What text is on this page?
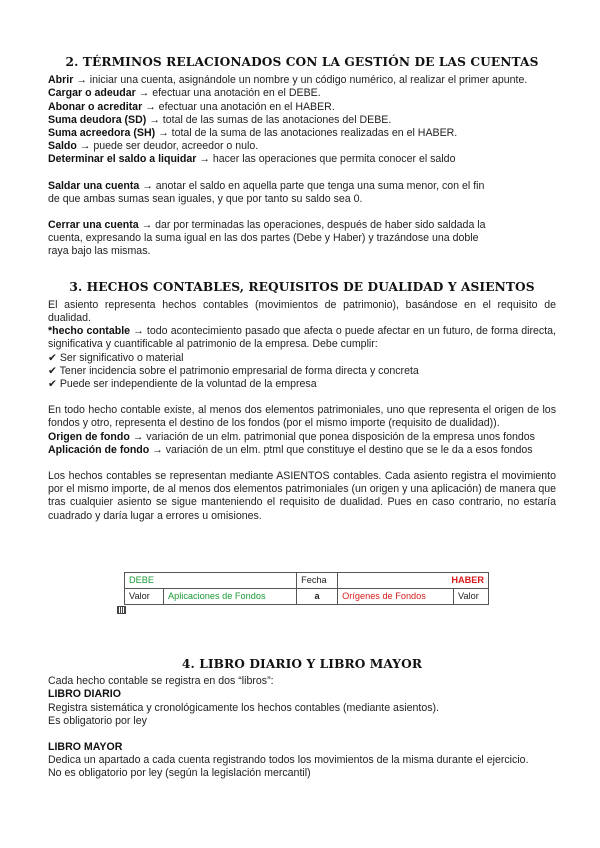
2. TÉRMINOS RELACIONADOS CON LA GESTIÓN DE LAS CUENTAS
Abrir → iniciar una cuenta, asignándole un nombre y un código numérico, al realizar el primer apunte.
Cargar o adeudar → efectuar una anotación en el DEBE.
Abonar o acreditar → efectuar una anotación en el HABER.
Suma deudora (SD) → total de las sumas de las anotaciones del DEBE.
Suma acreedora (SH) → total de la suma de las anotaciones realizadas en el HABER.
Saldo → puede ser deudor, acreedor o nulo.
Determinar el saldo a liquidar → hacer las operaciones que permita conocer el saldo
Saldar una cuenta → anotar el saldo en aquella parte que tenga una suma menor, con el fin
de que ambas sumas sean iguales, y que por tanto su saldo sea 0.
Cerrar una cuenta → dar por terminadas las operaciones, después de haber sido saldada la
cuenta, expresando la suma igual en las dos partes (Debe y Haber) y trazándose una doble
raya bajo las mismas.
3. HECHOS CONTABLES, REQUISITOS DE DUALIDAD Y ASIENTOS
El asiento representa hechos contables (movimientos de patrimonio), basándose en el requisito de dualidad.
*hecho contable → todo acontecimiento pasado que afecta o puede afectar en un futuro, de forma directa, significativa y cuantificable al patrimonio de la empresa. Debe cumplir:
✔ Ser significativo o material
✔ Tener incidencia sobre el patrimonio empresarial de forma directa y concreta
✔ Puede ser independiente de la voluntad de la empresa
En todo hecho contable existe, al menos dos elementos patrimoniales, uno que representa el origen de los fondos y otro, representa el destino de los fondos (por el mismo importe (requisito de dualidad)).
Origen de fondo → variación de un elm. patrimonial que ponea disposición de la empresa unos fondos
Aplicación de fondo → variación de un elm. ptml que constituye el destino que se le da a esos fondos
Los hechos contables se representan mediante ASIENTOS contables. Cada asiento registra el movimiento por el mismo importe, de al menos dos elementos patrimoniales (un origen y una aplicación) de manera que tras cualquier asiento se sigue manteniendo el requisito de dualidad. Pues en caso contrario, no estaría cuadrado y daría lugar a errores u omisiones.
DEBE		Fecha	HABER	
Valor	Aplicaciones de Fondos	a	Orígenes de Fondos	Valor
4. LIBRO DIARIO Y LIBRO MAYOR
Cada hecho contable se registra en dos “libros”:
LIBRO DIARIO
Registra sistemática y cronológicamente los hechos contables (mediante asientos).
Es obligatorio por ley
LIBRO MAYOR
Dedica un apartado a cada cuenta registrando todos los movimientos de la misma durante el ejercicio.
No es obligatorio por ley (según la legislación mercantil)
